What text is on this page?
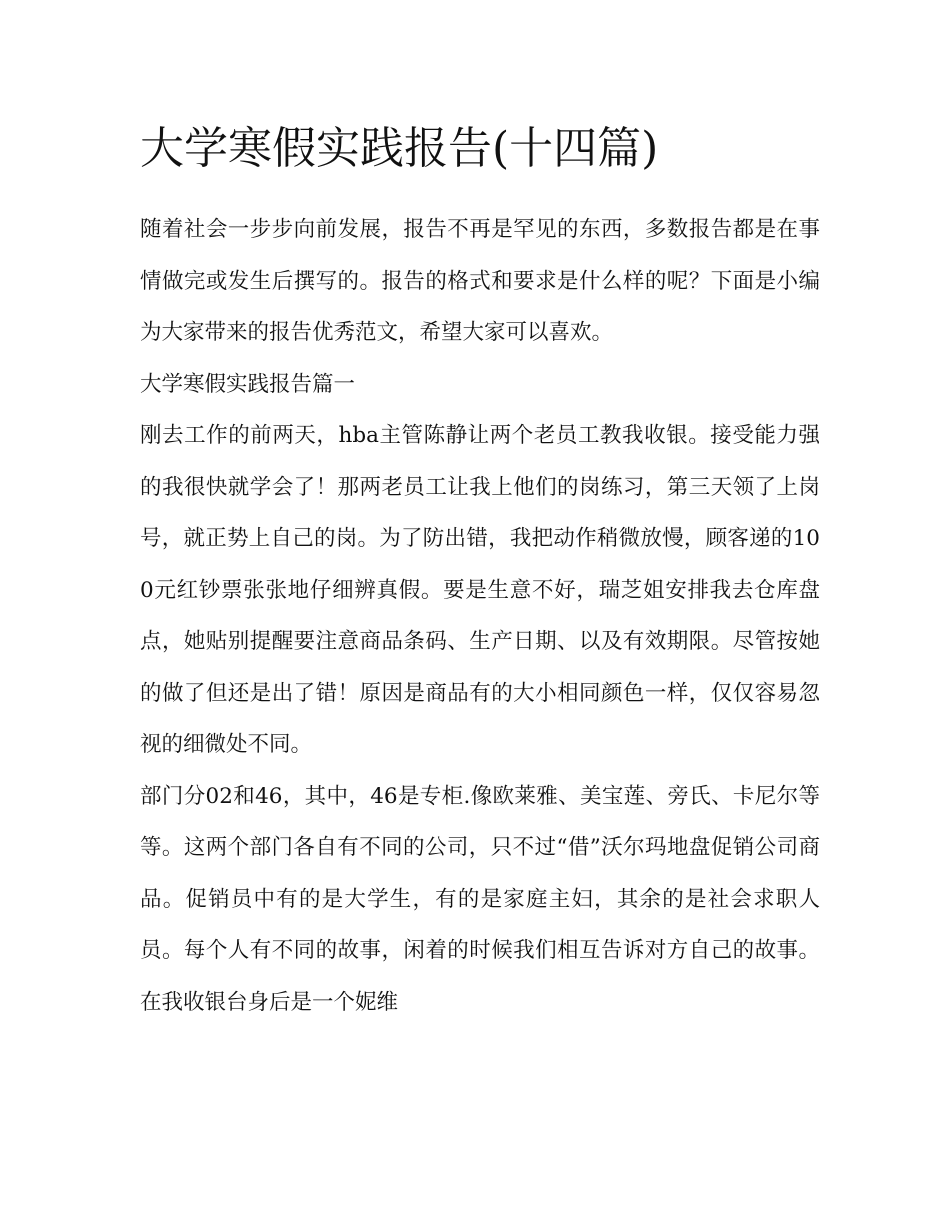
大学寒假实践报告(十四篇)

随着社会一步步向前发展，报告不再是罕见的东西，多数报告都是在事情做完或发生后撰写的。报告的格式和要求是什么样的呢？下面是小编为大家带来的报告优秀范文，希望大家可以喜欢。

大学寒假实践报告篇一

刚去工作的前两天，hba主管陈静让两个老员工教我收银。接受能力强的我很快就学会了！那两老员工让我上他们的岗练习，第三天领了上岗号，就正势上自己的岗。为了防出错，我把动作稍微放慢，顾客递的100元红钞票张张地仔细辨真假。要是生意不好，瑞芝姐安排我去仓库盘点，她贴别提醒要注意商品条码、生产日期、以及有效期限。尽管按她的做了但还是出了错！原因是商品有的大小相同颜色一样，仅仅容易忽视的细微处不同。

部门分02和46，其中，46是专柜.像欧莱雅、美宝莲、旁氏、卡尼尔等等。这两个部门各自有不同的公司，只不过“借”沃尔玛地盘促销公司商品。促销员中有的是大学生，有的是家庭主妇，其余的是社会求职人员。每个人有不同的故事，闲着的时候我们相互告诉对方自己的故事。在我收银台身后是一个妮维
